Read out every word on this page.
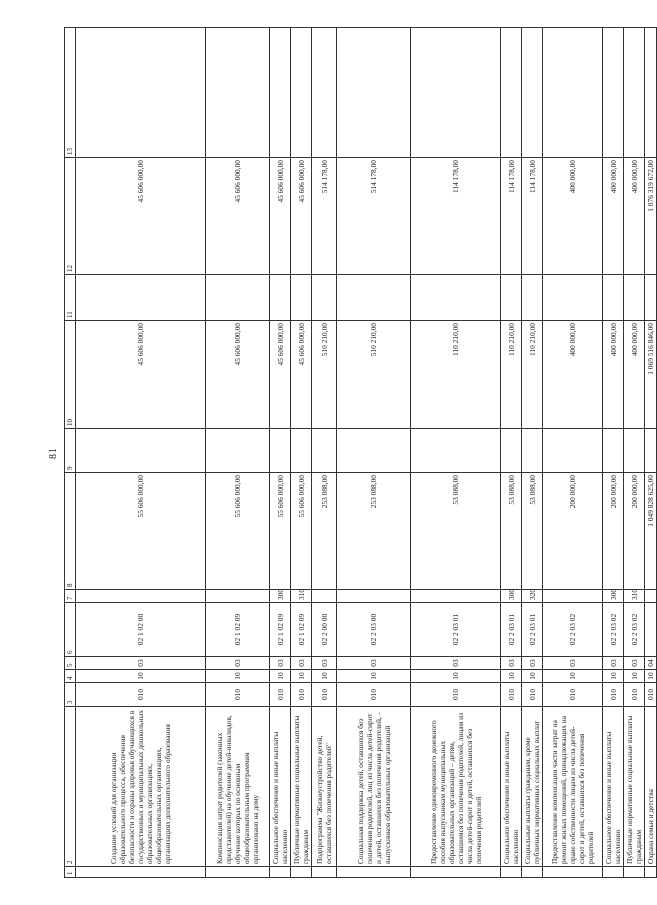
81
1	2	3	4	5	6	7	8	9	10	11	12	13
	Создание условий для организации образовательного процесса, обеспечения безопасности и охраны здоровья обучающихся в государственных и муниципальных дошкольных образовательных организациях, общеобразовательных организациях, организациях дополнительного образования	010	10	03	02 1 02 00		55 606 000,00		45 606 000,00		45 606 000,00	
	Компенсация затрат родителей (законных представителей) на обучение детей-инвалидов, обучение которых по основным общеобразовательным программам организовано на дому	010	10	03	02 1 02 09		55 606 000,00		45 606 000,00		45 606 000,00	
	Социальное обеспечение и иные выплаты населению	010	10	03	02 1 02 09	300	55 606 000,00		45 606 000,00		45 606 000,00	
	Публичные нормативные социальные выплаты гражданам	010	10	03	02 1 02 09	310	55 606 000,00		45 606 000,00		45 606 000,00	
	Подпрограмма "Жизнеустройство детей, оставшихся без попечения родителей"	010	10	03	02 2 00 00		253 088,00		510 210,00		514 178,00	
	Социальная поддержка детей, оставшихся без попечения родителей, лиц из числа детей-сирот и детей, оставшихся без попечения родителей, – выпускников образовательных организаций	010	10	03	02 2 03 00		253 088,00		510 210,00		514 178,00	
	Предоставление единовременного денежного пособия выпускникам муниципальных образовательных организаций – детям, оставшимся без попечения родителей, лицам из числа детей-сирот и детей, оставшихся без попечения родителей	010	10	03	02 2 03 01		53 088,00		110 210,00		114 178,00	
	Социальное обеспечение и иные выплаты населению	010	10	03	02 2 03 01	300	53 088,00		110 210,00		114 178,00	
	Социальные выплаты гражданам, кроме публичных нормативных социальных выплат	010	10	03	02 2 03 01	320	53 088,00		110 210,00		114 178,00	
	Предоставление компенсации части затрат на ремонт жилых помещений, принадлежащих на праве собственности лицам из числа детей-сирот и детей, оставшихся без попечения родителей	010	10	03	02 2 03 02		200 000,00		400 000,00		400 000,00	
	Социальное обеспечение и иные выплаты населению	010	10	03	02 2 03 02	300	200 000,00		400 000,00		400 000,00	
	Публичные нормативные социальные выплаты гражданам	010	10	03	02 2 03 02	310	200 000,00		400 000,00		400 000,00	
	Охрана семьи и детства	010	10	04			1 049 828 625,00		1 069 516 846,00		1 076 319 672,00	
